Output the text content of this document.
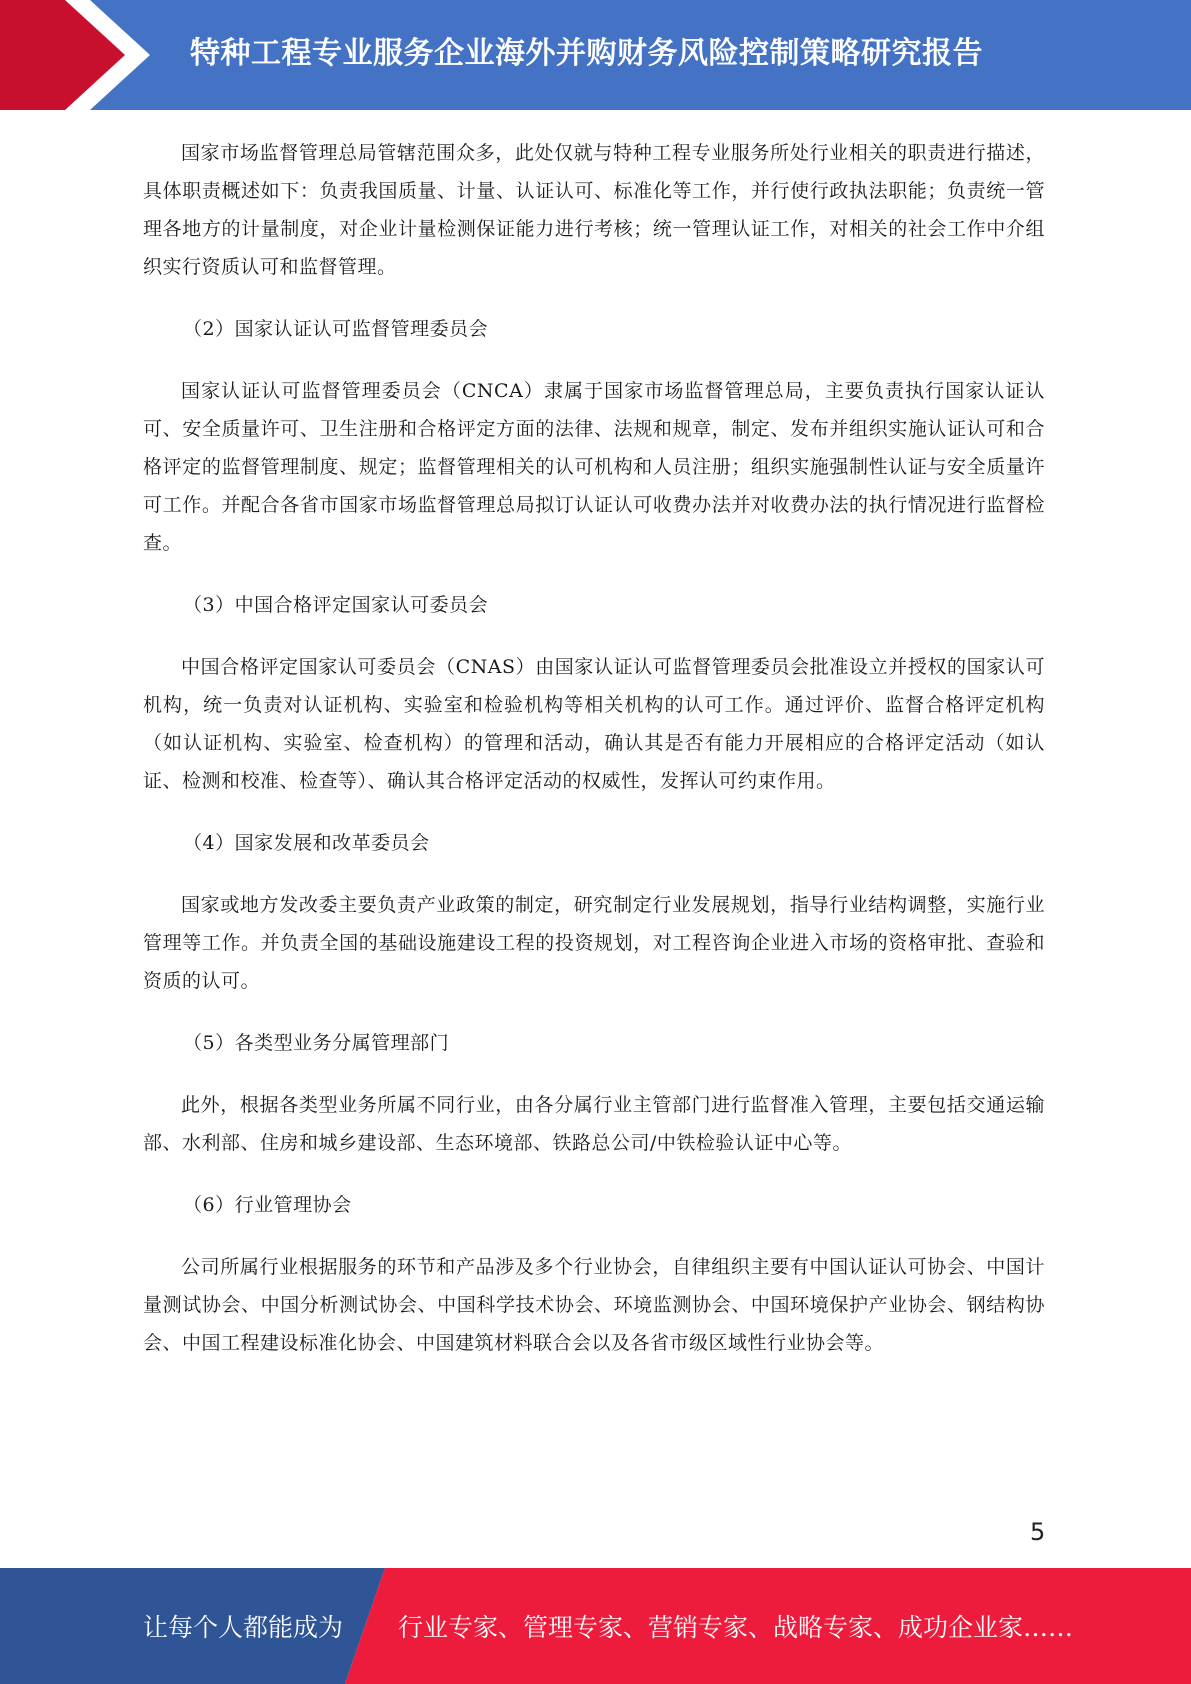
特种工程专业服务企业海外并购财务风险控制策略研究报告

国家市场监督管理总局管辖范围众多，此处仅就与特种工程专业服务所处行业相关的职责进行描述，具体职责概述如下：负责我国质量、计量、认证认可、标准化等工作，并行使行政执法职能；负责统一管理各地方的计量制度，对企业计量检测保证能力进行考核；统一管理认证工作，对相关的社会工作中介组织实行资质认可和监督管理。

（2）国家认证认可监督管理委员会

国家认证认可监督管理委员会（CNCA）隶属于国家市场监督管理总局，主要负责执行国家认证认可、安全质量许可、卫生注册和合格评定方面的法律、法规和规章，制定、发布并组织实施认证认可和合格评定的监督管理制度、规定；监督管理相关的认可机构和人员注册；组织实施强制性认证与安全质量许可工作。并配合各省市国家市场监督管理总局拟订认证认可收费办法并对收费办法的执行情况进行监督检查。

（3）中国合格评定国家认可委员会

中国合格评定国家认可委员会（CNAS）由国家认证认可监督管理委员会批准设立并授权的国家认可机构，统一负责对认证机构、实验室和检验机构等相关机构的认可工作。通过评价、监督合格评定机构（如认证机构、实验室、检查机构）的管理和活动，确认其是否有能力开展相应的合格评定活动（如认证、检测和校准、检查等）、确认其合格评定活动的权威性，发挥认可约束作用。

（4）国家发展和改革委员会

国家或地方发改委主要负责产业政策的制定，研究制定行业发展规划，指导行业结构调整，实施行业管理等工作。并负责全国的基础设施建设工程的投资规划，对工程咨询企业进入市场的资格审批、查验和资质的认可。

（5）各类型业务分属管理部门

此外，根据各类型业务所属不同行业，由各分属行业主管部门进行监督准入管理，主要包括交通运输部、水利部、住房和城乡建设部、生态环境部、铁路总公司/中铁检验认证中心等。

（6）行业管理协会

公司所属行业根据服务的环节和产品涉及多个行业协会，自律组织主要有中国认证认可协会、中国计量测试协会、中国分析测试协会、中国科学技术协会、环境监测协会、中国环境保护产业协会、钢结构协会、中国工程建设标准化协会、中国建筑材料联合会以及各省市级区域性行业协会等。

5
让每个人都能成为 行业专家、管理专家、营销专家、战略专家、成功企业家……
